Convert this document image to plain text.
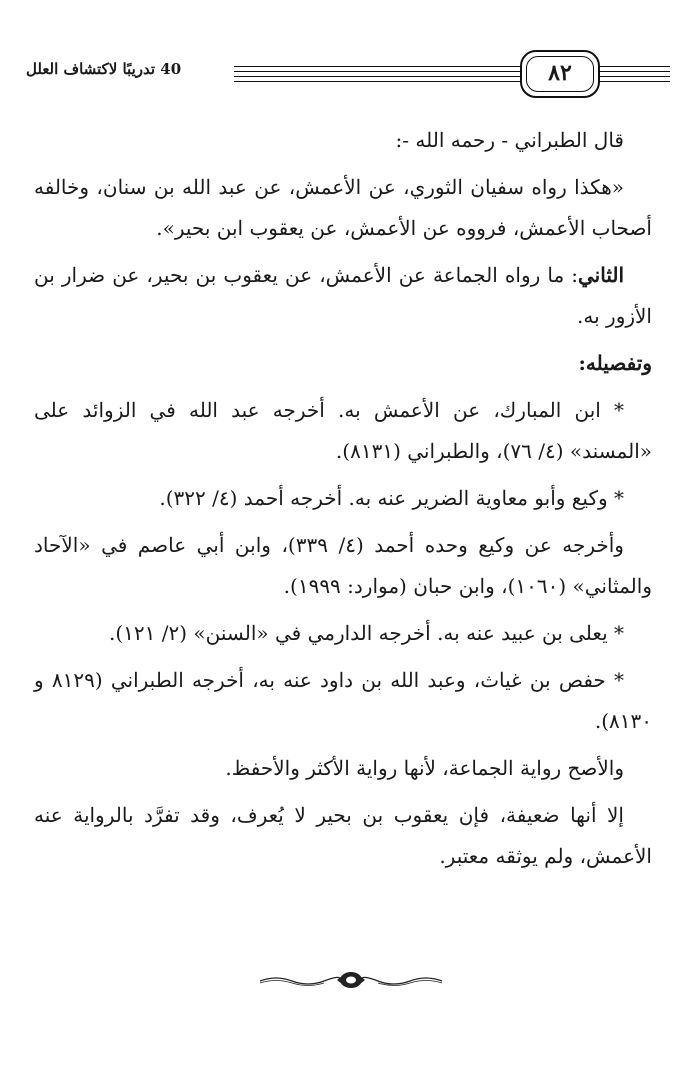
40 تدريبًا لاكتشاف العلل	٨٢

قال الطبراني - رحمه الله -:

«هكذا رواه سفيان الثوري، عن الأعمش، عن عبد الله بن سنان، وخالفه أصحاب الأعمش، فرووه عن الأعمش، عن يعقوب ابن بحير».

الثاني: ما رواه الجماعة عن الأعمش، عن يعقوب بن بحير، عن ضرار بن الأزور به.

وتفصيله:

* ابن المبارك، عن الأعمش به. أخرجه عبد الله في الزوائد على «المسند» (٤/ ٧٦)، والطبراني (٨١٣١).

* وكيع وأبو معاوية الضرير عنه به. أخرجه أحمد (٤/ ٣٢٢).

وأخرجه عن وكيع وحده أحمد (٤/ ٣٣٩)، وابن أبي عاصم في «الآحاد والمثاني» (١٠٦٠)، وابن حبان (موارد: ١٩٩٩).

* يعلى بن عبيد عنه به. أخرجه الدارمي في «السنن» (٢/ ١٢١).

* حفص بن غياث، وعبد الله بن داود عنه به، أخرجه الطبراني (٨١٢٩ و ٨١٣٠).

والأصح رواية الجماعة، لأنها رواية الأكثر والأحفظ.

إلا أنها ضعيفة، فإن يعقوب بن بحير لا يُعرف، وقد تفرَّد بالرواية عنه الأعمش، ولم يوثقه معتبر.
